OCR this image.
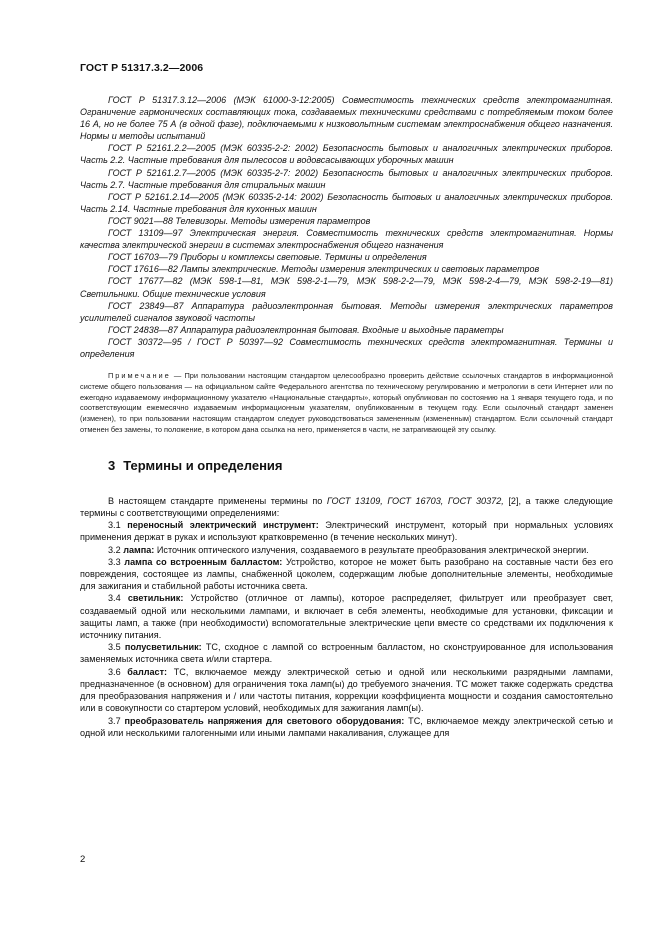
ГОСТ Р 51317.3.2—2006

ГОСТ Р 51317.3.12—2006 (МЭК 61000-3-12:2005) Совместимость технических средств электромагнитная. Ограничение гармонических составляющих тока, создаваемых техническими средствами с потребляемым током более 16 А, но не более 75 А (в одной фазе), подключаемыми к низковольтным системам электроснабжения общего назначения. Нормы и методы испытаний

ГОСТ Р 52161.2.2—2005 (МЭК 60335-2-2: 2002) Безопасность бытовых и аналогичных электрических приборов. Часть 2.2. Частные требования для пылесосов и водовсасывающих уборочных машин

ГОСТ Р 52161.2.7—2005 (МЭК 60335-2-7: 2002) Безопасность бытовых и аналогичных электрических приборов. Часть 2.7. Частные требования для стиральных машин

ГОСТ Р 52161.2.14—2005 (МЭК 60335-2-14: 2002) Безопасность бытовых и аналогичных электрических приборов. Часть 2.14. Частные требования для кухонных машин

ГОСТ 9021—88 Телевизоры. Методы измерения параметров

ГОСТ 13109—97 Электрическая энергия. Совместимость технических средств электромагнитная. Нормы качества электрической энергии в системах электроснабжения общего назначения

ГОСТ 16703—79 Приборы и комплексы световые. Термины и определения

ГОСТ 17616—82 Лампы электрические. Методы измерения электрических и световых параметров

ГОСТ 17677—82 (МЭК 598-1—81, МЭК 598-2-1—79, МЭК 598-2-2—79, МЭК 598-2-4—79, МЭК 598-2-19—81) Светильники. Общие технические условия

ГОСТ 23849—87 Аппаратура радиоэлектронная бытовая. Методы измерения электрических параметров усилителей сигналов звуковой частоты

ГОСТ 24838—87 Аппаратура радиоэлектронная бытовая. Входные и выходные параметры

ГОСТ 30372—95 / ГОСТ Р 50397—92 Совместимость технических средств электромагнитная. Термины и определения

Примечание — При пользовании настоящим стандартом целесообразно проверить действие ссылочных стандартов в информационной системе общего пользования — на официальном сайте Федерального агентства по техническому регулированию и метрологии в сети Интернет или по ежегодно издаваемому информационному указателю «Национальные стандарты», который опубликован по состоянию на 1 января текущего года, и по соответствующим ежемесячно издаваемым информационным указателям, опубликованным в текущем году. Если ссылочный стандарт заменен (изменен), то при пользовании настоящим стандартом следует руководствоваться замененным (измененным) стандартом. Если ссылочный стандарт отменен без замены, то положение, в котором дана ссылка на него, применяется в части, не затрагивающей эту ссылку.

3 Термины и определения

В настоящем стандарте применены термины по ГОСТ 13109, ГОСТ 16703, ГОСТ 30372, [2], а также следующие термины с соответствующими определениями:

3.1 переносный электрический инструмент: Электрический инструмент, который при нормальных условиях применения держат в руках и используют кратковременно (в течение нескольких минут).

3.2 лампа: Источник оптического излучения, создаваемого в результате преобразования электрической энергии.

3.3 лампа со встроенным балластом: Устройство, которое не может быть разобрано на составные части без его повреждения, состоящее из лампы, снабженной цоколем, содержащим любые дополнительные элементы, необходимые для зажигания и стабильной работы источника света.

3.4 светильник: Устройство (отличное от лампы), которое распределяет, фильтрует или преобразует свет, создаваемый одной или несколькими лампами, и включает в себя элементы, необходимые для установки, фиксации и защиты ламп, а также (при необходимости) вспомогательные электрические цепи вместе со средствами их подключения к источнику питания.

3.5 полусветильник: ТС, сходное с лампой со встроенным балластом, но сконструированное для использования заменяемых источника света и/или стартера.

3.6 балласт: ТС, включаемое между электрической сетью и одной или несколькими разрядными лампами, предназначенное (в основном) для ограничения тока ламп(ы) до требуемого значения. ТС может также содержать средства для преобразования напряжения и / или частоты питания, коррекции коэффициента мощности и создания самостоятельно или в совокупности со стартером условий, необходимых для зажигания ламп(ы).

3.7 преобразователь напряжения для светового оборудования: ТС, включаемое между электрической сетью и одной или несколькими галогенными или иными лампами накаливания, служащее для

2
